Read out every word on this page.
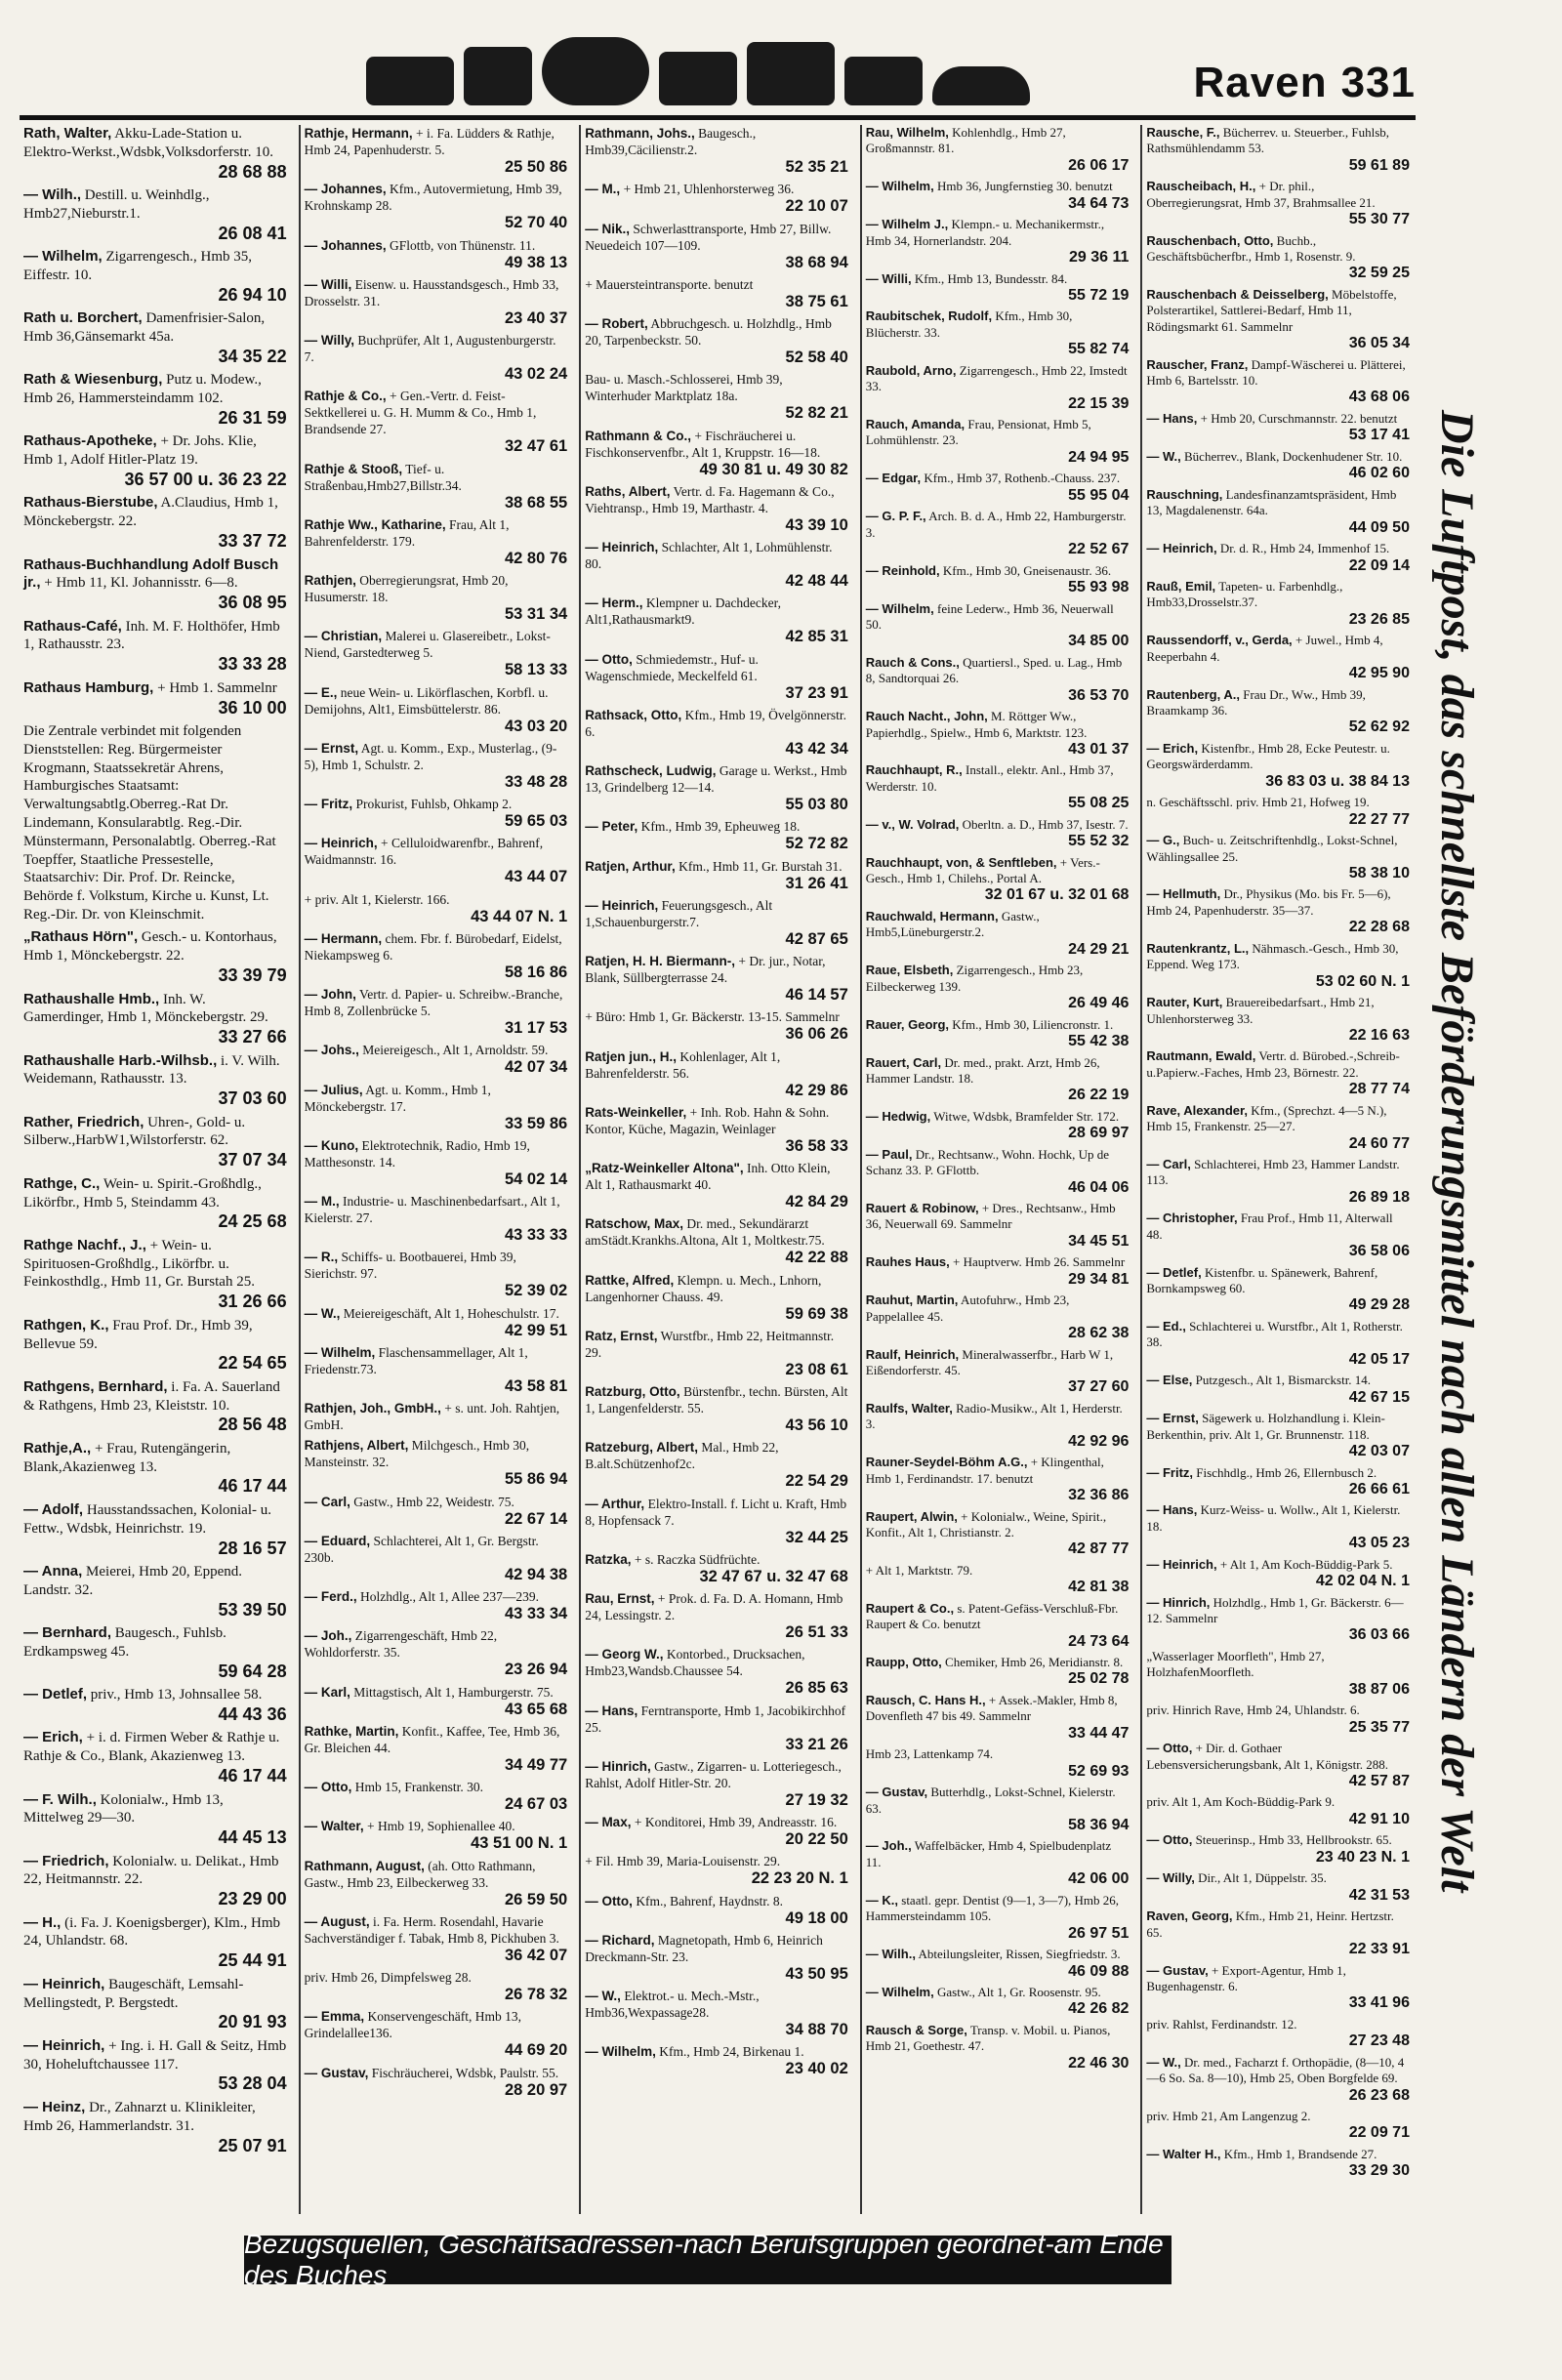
Raven 331
Rath, Walter, Akku-Lade-Station u. Elektro-Werkst.,Wdsbk,Volksdorferstr. 10.
28 68 88
— Wilh., Destill. u. Weinhdlg., Hmb27,Nieburstr.1.
26 08 41
— Wilhelm, Zigarrengesch., Hmb 35, Eiffestr. 10.
26 94 10
Rath u. Borchert, Damenfrisier-Salon, Hmb 36,Gänsemarkt 45a.
34 35 22
Rath & Wiesenburg, Putz u. Modew., Hmb 26, Hammersteindamm 102.
26 31 59
Rathaus-Apotheke, + Dr. Johs. Klie, Hmb 1, Adolf Hitler-Platz 19.
36 57 00 u. 36 23 22
Rathaus-Bierstube, A.Claudius, Hmb 1, Mönckebergstr. 22.
33 37 72
Rathaus-Buchhandlung Adolf Busch jr., + Hmb 11, Kl. Johannisstr. 6—8.
36 08 95
Rathaus-Café, Inh. M. F. Holthöfer, Hmb 1, Rathausstr. 23.
33 33 28
Rathaus Hamburg, + Hmb 1. Sammelnr
36 10 00
Die Zentrale verbindet mit folgenden Dienststellen: Reg. Bürgermeister Krogmann, Staatssekretär Ahrens, Hamburgisches Staatsamt: Verwaltungsabtlg.Oberreg.-Rat Dr. Lindemann, Konsularabtlg. Reg.-Dir. Münstermann, Personalabtlg. Oberreg.-Rat Toepffer, Staatliche Pressestelle, Staatsarchiv: Dir. Prof. Dr. Reincke, Behörde f. Volkstum, Kirche u. Kunst, Lt. Reg.-Dir. Dr. von Kleinschmit.
„Rathaus Hörn", Gesch.- u. Kontorhaus, Hmb 1, Mönckebergstr. 22.
33 39 79
Rathaushalle Hmb., Inh. W. Gamerdinger, Hmb 1, Mönckebergstr. 29.
33 27 66
Rathaushalle Harb.-Wilhsb., i. V. Wilh. Weidemann, Rathausstr. 13.
37 03 60
Rather, Friedrich, Uhren-, Gold- u. Silberw.,HarbW1,Wilstorferstr. 62.
37 07 34
Rathge, C., Wein- u. Spirit.-Großhdlg., Likörfbr., Hmb 5, Steindamm 43.
24 25 68
Rathge Nachf., J., + Wein- u. Spirituosen-Großhdlg., Likörfbr. u. Feinkosthdlg., Hmb 11, Gr. Burstah 25.
31 26 66
Rathgen, K., Frau Prof. Dr., Hmb 39, Bellevue 59.
22 54 65
Rathgens, Bernhard, i. Fa. A. Sauerland & Rathgens, Hmb 23, Kleiststr. 10.
28 56 48
Rathje,A., + Frau, Rutengängerin, Blank,Akazienweg 13.
46 17 44
— Adolf, Hausstandssachen, Kolonial- u. Fettw., Wdsbk, Heinrichstr. 19.
28 16 57
— Anna, Meierei, Hmb 20, Eppend. Landstr. 32.
53 39 50
— Bernhard, Baugesch., Fuhlsb. Erdkampsweg 45.
59 64 28
— Detlef, priv., Hmb 13, Johnsallee 58.
44 43 36
— Erich, + i. d. Firmen Weber & Rathje u. Rathje & Co., Blank, Akazienweg 13.
46 17 44
— F. Wilh., Kolonialw., Hmb 13, Mittelweg 29—30.
44 45 13
— Friedrich, Kolonialw. u. Delikat., Hmb 22, Heitmannstr. 22.
23 29 00
— H., (i. Fa. J. Koenigsberger), Klm., Hmb 24, Uhlandstr. 68.
25 44 91
— Heinrich, Baugeschäft, Lemsahl-Mellingstedt, P. Bergstedt.
20 91 93
— Heinrich, + Ing. i. H. Gall & Seitz, Hmb 30, Hoheluftchaussee 117.
53 28 04
— Heinz, Dr., Zahnarzt u. Klinikleiter, Hmb 26, Hammerlandstr. 31.
25 07 91
Rathje, Hermann, + i. Fa. Lüdders & Rathje, Hmb 24, Papenhuderstr. 5.
25 50 86
— Johannes, Kfm., Autovermietung, Hmb 39, Krohnskamp 28.
52 70 40
— Johannes, GFlottb, von Thünenstr. 11.
49 38 13
— Willi, Eisenw. u. Hausstandsgesch., Hmb 33, Drosselstr. 31.
23 40 37
— Willy, Buchprüfer, Alt 1, Augustenburgerstr. 7.
43 02 24
Rathje & Co., + Gen.-Vertr. d. Feist-Sektkellerei u. G. H. Mumm & Co., Hmb 1, Brandsende 27.
32 47 61
Rathje & Stooß, Tief- u. Straßenbau,Hmb27,Billstr.34.
38 68 55
Rathje Ww., Katharine, Frau, Alt 1, Bahrenfelderstr. 179.
42 80 76
Rathjen, Oberregierungsrat, Hmb 20, Husumerstr. 18.
53 31 34
— Christian, Malerei u. Glasereibetr., Lokst-Niend, Garstedterweg 5.
58 13 33
— E., neue Wein- u. Likörflaschen, Korbfl. u. Demijohns, Alt1, Eimsbüttelerstr. 86.
43 03 20
— Ernst, Agt. u. Komm., Exp., Musterlag., (9-5), Hmb 1, Schulstr. 2.
33 48 28
— Fritz, Prokurist, Fuhlsb, Ohkamp 2.
59 65 03
— Heinrich, + Celluloidwarenfbr., Bahrenf, Waidmannstr. 16.
43 44 07
+ priv. Alt 1, Kielerstr. 166.
43 44 07 N. 1
— Hermann, chem. Fbr. f. Bürobedarf, Eidelst, Niekampsweg 6.
58 16 86
— John, Vertr. d. Papier- u. Schreibw.-Branche, Hmb 8, Zollenbrücke 5.
31 17 53
— Johs., Meiereigesch., Alt 1, Arnoldstr. 59.
42 07 34
— Julius, Agt. u. Komm., Hmb 1, Mönckebergstr. 17.
33 59 86
— Kuno, Elektrotechnik, Radio, Hmb 19, Matthesonstr. 14.
54 02 14
— M., Industrie- u. Maschinenbedarfsart., Alt 1, Kielerstr. 27.
43 33 33
— R., Schiffs- u. Bootbauerei, Hmb 39, Sierichstr. 97.
52 39 02
— W., Meiereigeschäft, Alt 1, Hoheschulstr. 17.
42 99 51
— Wilhelm, Flaschensammellager, Alt 1, Friedenstr.73.
43 58 81
Rathjen, Joh., GmbH., + s. unt. Joh. Rahtjen, GmbH.
Rathjens, Albert, Milchgesch., Hmb 30, Mansteinstr. 32.
55 86 94
— Carl, Gastw., Hmb 22, Weidestr. 75.
22 67 14
— Eduard, Schlachterei, Alt 1, Gr. Bergstr. 230b.
42 94 38
— Ferd., Holzhdlg., Alt 1, Allee 237—239.
43 33 34
— Joh., Zigarrengeschäft, Hmb 22, Wohldorferstr. 35.
23 26 94
— Karl, Mittagstisch, Alt 1, Hamburgerstr. 75.
43 65 68
Rathke, Martin, Konfit., Kaffee, Tee, Hmb 36, Gr. Bleichen 44.
34 49 77
— Otto, Hmb 15, Frankenstr. 30.
24 67 03
— Walter, + Hmb 19, Sophienallee 40.
43 51 00 N. 1
Rathmann, August, (ah. Otto Rathmann, Gastw., Hmb 23, Eilbeckerweg 33.
26 59 50
— August, i. Fa. Herm. Rosendahl, Havarie Sachverständiger f. Tabak, Hmb 8, Pickhuben 3.
36 42 07
priv. Hmb 26, Dimpfelsweg 28.
26 78 32
— Emma, Konservengeschäft, Hmb 13, Grindelallee136.
44 69 20
— Gustav, Fischräucherei, Wdsbk, Paulstr. 55.
28 20 97
Rathmann, Johs., Baugesch., Hmb39,Cäcilienstr.2.
52 35 21
— M., + Hmb 21, Uhlenhorsterweg 36.
22 10 07
— Nik., Schwerlasttransporte, Hmb 27, Billw. Neuedeich 107—109.
38 68 94
+ Mauersteintransporte. benutzt
38 75 61
— Robert, Abbruchgesch. u. Holzhdlg., Hmb 20, Tarpenbeckstr. 50.
52 58 40
Bau- u. Masch.-Schlosserei, Hmb 39, Winterhuder Marktplatz 18a.
52 82 21
Rathmann & Co., + Fischräucherei u. Fischkonservenfbr., Alt 1, Kruppstr. 16—18.
49 30 81 u. 49 30 82
Raths, Albert, Vertr. d. Fa. Hagemann & Co., Viehtransp., Hmb 19, Marthastr. 4.
43 39 10
— Heinrich, Schlachter, Alt 1, Lohmühlenstr. 80.
42 48 44
— Herm., Klempner u. Dachdecker, Alt1,Rathausmarkt9.
42 85 31
— Otto, Schmiedemstr., Huf- u. Wagenschmiede, Meckelfeld 61.
37 23 91
Rathsack, Otto, Kfm., Hmb 19, Övelgönnerstr. 6.
43 42 34
Rathscheck, Ludwig, Garage u. Werkst., Hmb 13, Grindelberg 12—14.
55 03 80
— Peter, Kfm., Hmb 39, Epheuweg 18.
52 72 82
Ratjen, Arthur, Kfm., Hmb 11, Gr. Burstah 31.
31 26 41
— Heinrich, Feuerungsgesch., Alt 1,Schauenburgerstr.7.
42 87 65
Ratjen, H. H. Biermann-, + Dr. jur., Notar, Blank, Süllbergterrasse 24.
46 14 57
+ Büro: Hmb 1, Gr. Bäckerstr. 13-15. Sammelnr
36 06 26
Ratjen jun., H., Kohlenlager, Alt 1, Bahrenfelderstr. 56.
42 29 86
Rats-Weinkeller, + Inh. Rob. Hahn & Sohn. Kontor, Küche, Magazin, Weinlager
36 58 33
„Ratz-Weinkeller Altona", Inh. Otto Klein, Alt 1, Rathausmarkt 40.
42 84 29
Ratschow, Max, Dr. med., Sekundärarzt amStädt.Krankhs.Altona, Alt 1, Moltkestr.75.
42 22 88
Rattke, Alfred, Klempn. u. Mech., Lnhorn, Langenhorner Chauss. 49.
59 69 38
Ratz, Ernst, Wurstfbr., Hmb 22, Heitmannstr. 29.
23 08 61
Ratzburg, Otto, Bürstenfbr., techn. Bürsten, Alt 1, Langenfelderstr. 55.
43 56 10
Ratzeburg, Albert, Mal., Hmb 22, B.alt.Schützenhof2c.
22 54 29
— Arthur, Elektro-Install. f. Licht u. Kraft, Hmb 8, Hopfensack 7.
32 44 25
Ratzka, + s. Raczka Südfrüchte.
32 47 67 u. 32 47 68
Rau, Ernst, + Prok. d. Fa. D. A. Homann, Hmb 24, Lessingstr. 2.
26 51 33
— Georg W., Kontorbed., Drucksachen, Hmb23,Wandsb.Chaussee 54.
26 85 63
— Hans, Ferntransporte, Hmb 1, Jacobikirchhof 25.
33 21 26
— Hinrich, Gastw., Zigarren- u. Lotteriegesch., Rahlst, Adolf Hitler-Str. 20.
27 19 32
— Max, + Konditorei, Hmb 39, Andreasstr. 16.
20 22 50
+ Fil. Hmb 39, Maria-Louisenstr. 29.
22 23 20 N. 1
— Otto, Kfm., Bahrenf, Haydnstr. 8.
49 18 00
— Richard, Magnetopath, Hmb 6, Heinrich Dreckmann-Str. 23.
43 50 95
— W., Elektrot.- u. Mech.-Mstr., Hmb36,Wexpassage28.
34 88 70
— Wilhelm, Kfm., Hmb 24, Birkenau 1.
23 40 02
Rau, Wilhelm, Kohlenhdlg., Hmb 27, Großmannstr. 81.
26 06 17
— Wilhelm, Hmb 36, Jungfernstieg 30. benutzt
34 64 73
— Wilhelm J., Klempn.- u. Mechanikermstr., Hmb 34, Hornerlandstr. 204.
29 36 11
— Willi, Kfm., Hmb 13, Bundesstr. 84.
55 72 19
Raubitschek, Rudolf, Kfm., Hmb 30, Blücherstr. 33.
55 82 74
Raubold, Arno, Zigarrengesch., Hmb 22, Imstedt 33.
22 15 39
Rauch, Amanda, Frau, Pensionat, Hmb 5, Lohmühlenstr. 23.
24 94 95
— Edgar, Kfm., Hmb 37, Rothenb.-Chauss. 237.
55 95 04
— G. P. F., Arch. B. d. A., Hmb 22, Hamburgerstr. 3.
22 52 67
— Reinhold, Kfm., Hmb 30, Gneisenaustr. 36.
55 93 98
— Wilhelm, feine Lederw., Hmb 36, Neuerwall 50.
34 85 00
Rauch & Cons., Quartiersl., Sped. u. Lag., Hmb 8, Sandtorquai 26.
36 53 70
Rauch Nacht., John, M. Röttger Ww., Papierhdlg., Spielw., Hmb 6, Marktstr. 123.
43 01 37
Rauchhaupt, R., Install., elektr. Anl., Hmb 37, Werderstr. 10.
55 08 25
— v., W. Volrad, Oberltn. a. D., Hmb 37, Isestr. 7.
55 52 32
Rauchhaupt, von, & Senftleben, + Vers.-Gesch., Hmb 1, Chilehs., Portal A.
32 01 67 u. 32 01 68
Rauchwald, Hermann, Gastw., Hmb5,Lüneburgerstr.2.
24 29 21
Raue, Elsbeth, Zigarrengesch., Hmb 23, Eilbeckerweg 139.
26 49 46
Rauer, Georg, Kfm., Hmb 30, Liliencronstr. 1.
55 42 38
Rauert, Carl, Dr. med., prakt. Arzt, Hmb 26, Hammer Landstr. 18.
26 22 19
— Hedwig, Witwe, Wdsbk, Bramfelder Str. 172.
28 69 97
— Paul, Dr., Rechtsanw., Wohn. Hochk, Up de Schanz 33. P. GFlottb.
46 04 06
Rauert & Robinow, + Dres., Rechtsanw., Hmb 36, Neuerwall 69. Sammelnr
34 45 51
Rauhes Haus, + Hauptverw. Hmb 26. Sammelnr
29 34 81
Rauhut, Martin, Autofuhrw., Hmb 23, Pappelallee 45.
28 62 38
Raulf, Heinrich, Mineralwasserfbr., Harb W 1, Eißendorferstr. 45.
37 27 60
Raulfs, Walter, Radio-Musikw., Alt 1, Herderstr. 3.
42 92 96
Rauner-Seydel-Böhm A.G., + Klingenthal, Hmb 1, Ferdinandstr. 17. benutzt
32 36 86
Raupert, Alwin, + Kolonialw., Weine, Spirit., Konfit., Alt 1, Christianstr. 2.
42 87 77
+ Alt 1, Marktstr. 79.
42 81 38
Raupert & Co., s. Patent-Gefäss-Verschluß-Fbr. Raupert & Co. benutzt
24 73 64
Raupp, Otto, Chemiker, Hmb 26, Meridianstr. 8.
25 02 78
Rausch, C. Hans H., + Assek.-Makler, Hmb 8, Dovenfleth 47 bis 49. Sammelnr
33 44 47
Hmb 23, Lattenkamp 74.
52 69 93
— Gustav, Butterhdlg., Lokst-Schnel, Kielerstr. 63.
58 36 94
— Joh., Waffelbäcker, Hmb 4, Spielbudenplatz 11.
42 06 00
— K., staatl. gepr. Dentist (9—1, 3—7), Hmb 26, Hammersteindamm 105.
26 97 51
— Wilh., Abteilungsleiter, Rissen, Siegfriedstr. 3.
46 09 88
— Wilhelm, Gastw., Alt 1, Gr. Roosenstr. 95.
42 26 82
Rausch & Sorge, Transp. v. Mobil. u. Pianos, Hmb 21, Goethestr. 47.
22 46 30
Rausche, F., Bücherrev. u. Steuerber., Fuhlsb, Rathsmühlendamm 53.
59 61 89
Rauscheibach, H., + Dr. phil., Oberregierungsrat, Hmb 37, Brahmsallee 21.
55 30 77
Rauschenbach, Otto, Buchb., Geschäftsbücherfbr., Hmb 1, Rosenstr. 9.
32 59 25
Rauschenbach & Deisselberg, Möbelstoffe, Polsterartikel, Sattlerei-Bedarf, Hmb 11, Rödingsmarkt 61. Sammelnr
36 05 34
Rauscher, Franz, Dampf-Wäscherei u. Plätterei, Hmb 6, Bartelsstr. 10.
43 68 06
— Hans, + Hmb 20, Curschmannstr. 22. benutzt
53 17 41
— W., Bücherrev., Blank, Dockenhudener Str. 10.
46 02 60
Rauschning, Landesfinanzamtspräsident, Hmb 13, Magdalenenstr. 64a.
44 09 50
— Heinrich, Dr. d. R., Hmb 24, Immenhof 15.
22 09 14
Rauß, Emil, Tapeten- u. Farbenhdlg., Hmb33,Drosselstr.37.
23 26 85
Raussendorff, v., Gerda, + Juwel., Hmb 4, Reeperbahn 4.
42 95 90
Rautenberg, A., Frau Dr., Ww., Hmb 39, Braamkamp 36.
52 62 92
— Erich, Kistenfbr., Hmb 28, Ecke Peutestr. u. Georgswärderdamm.
36 83 03 u. 38 84 13
n. Geschäftsschl. priv. Hmb 21, Hofweg 19.
22 27 77
— G., Buch- u. Zeitschriftenhdlg., Lokst-Schnel, Wählingsallee 25.
58 38 10
— Hellmuth, Dr., Physikus (Mo. bis Fr. 5—6), Hmb 24, Papenhuderstr. 35—37.
22 28 68
Rautenkrantz, L., Nähmasch.-Gesch., Hmb 30, Eppend. Weg 173.
53 02 60 N. 1
Rauter, Kurt, Brauereibedarfsart., Hmb 21, Uhlenhorsterweg 33.
22 16 63
Rautmann, Ewald, Vertr. d. Bürobed.-,Schreib-u.Papierw.-Faches, Hmb 23, Börnestr. 22.
28 77 74
Rave, Alexander, Kfm., (Sprechzt. 4—5 N.), Hmb 15, Frankenstr. 25—27.
24 60 77
— Carl, Schlachterei, Hmb 23, Hammer Landstr. 113.
26 89 18
— Christopher, Frau Prof., Hmb 11, Alterwall 48.
36 58 06
— Detlef, Kistenfbr. u. Spänewerk, Bahrenf, Bornkampsweg 60.
49 29 28
— Ed., Schlachterei u. Wurstfbr., Alt 1, Rotherstr. 38.
42 05 17
— Else, Putzgesch., Alt 1, Bismarckstr. 14.
42 67 15
— Ernst, Sägewerk u. Holzhandlung i. Klein-Berkenthin, priv. Alt 1, Gr. Brunnenstr. 118.
42 03 07
— Fritz, Fischhdlg., Hmb 26, Ellernbusch 2.
26 66 61
— Hans, Kurz-Weiss- u. Wollw., Alt 1, Kielerstr. 18.
43 05 23
— Heinrich, + Alt 1, Am Koch-Büddig-Park 5.
42 02 04 N. 1
— Hinrich, Holzhdlg., Hmb 1, Gr. Bäckerstr. 6—12. Sammelnr
36 03 66
„Wasserlager Moorfleth", Hmb 27, HolzhafenMoorfleth.
38 87 06
priv. Hinrich Rave, Hmb 24, Uhlandstr. 6.
25 35 77
— Otto, + Dir. d. Gothaer Lebensversicherungsbank, Alt 1, Königstr. 288.
42 57 87
priv. Alt 1, Am Koch-Büddig-Park 9.
42 91 10
— Otto, Steuerinsp., Hmb 33, Hellbrookstr. 65.
23 40 23 N. 1
— Willy, Dir., Alt 1, Düppelstr. 35.
42 31 53
Raven, Georg, Kfm., Hmb 21, Heinr. Hertzstr. 65.
22 33 91
— Gustav, + Export-Agentur, Hmb 1, Bugenhagenstr. 6.
33 41 96
priv. Rahlst, Ferdinandstr. 12.
27 23 48
— W., Dr. med., Facharzt f. Orthopädie, (8—10, 4—6 So. Sa. 8—10), Hmb 25, Oben Borgfelde 69.
26 23 68
priv. Hmb 21, Am Langenzug 2.
22 09 71
— Walter H., Kfm., Hmb 1, Brandsende 27.
33 29 30
Die Luftpost, das schnellste Beförderungsmittel nach allen Ländern der Welt
Bezugsquellen, Geschäftsadressen-nach Berufsgruppen geordnet-am Ende des Buches
